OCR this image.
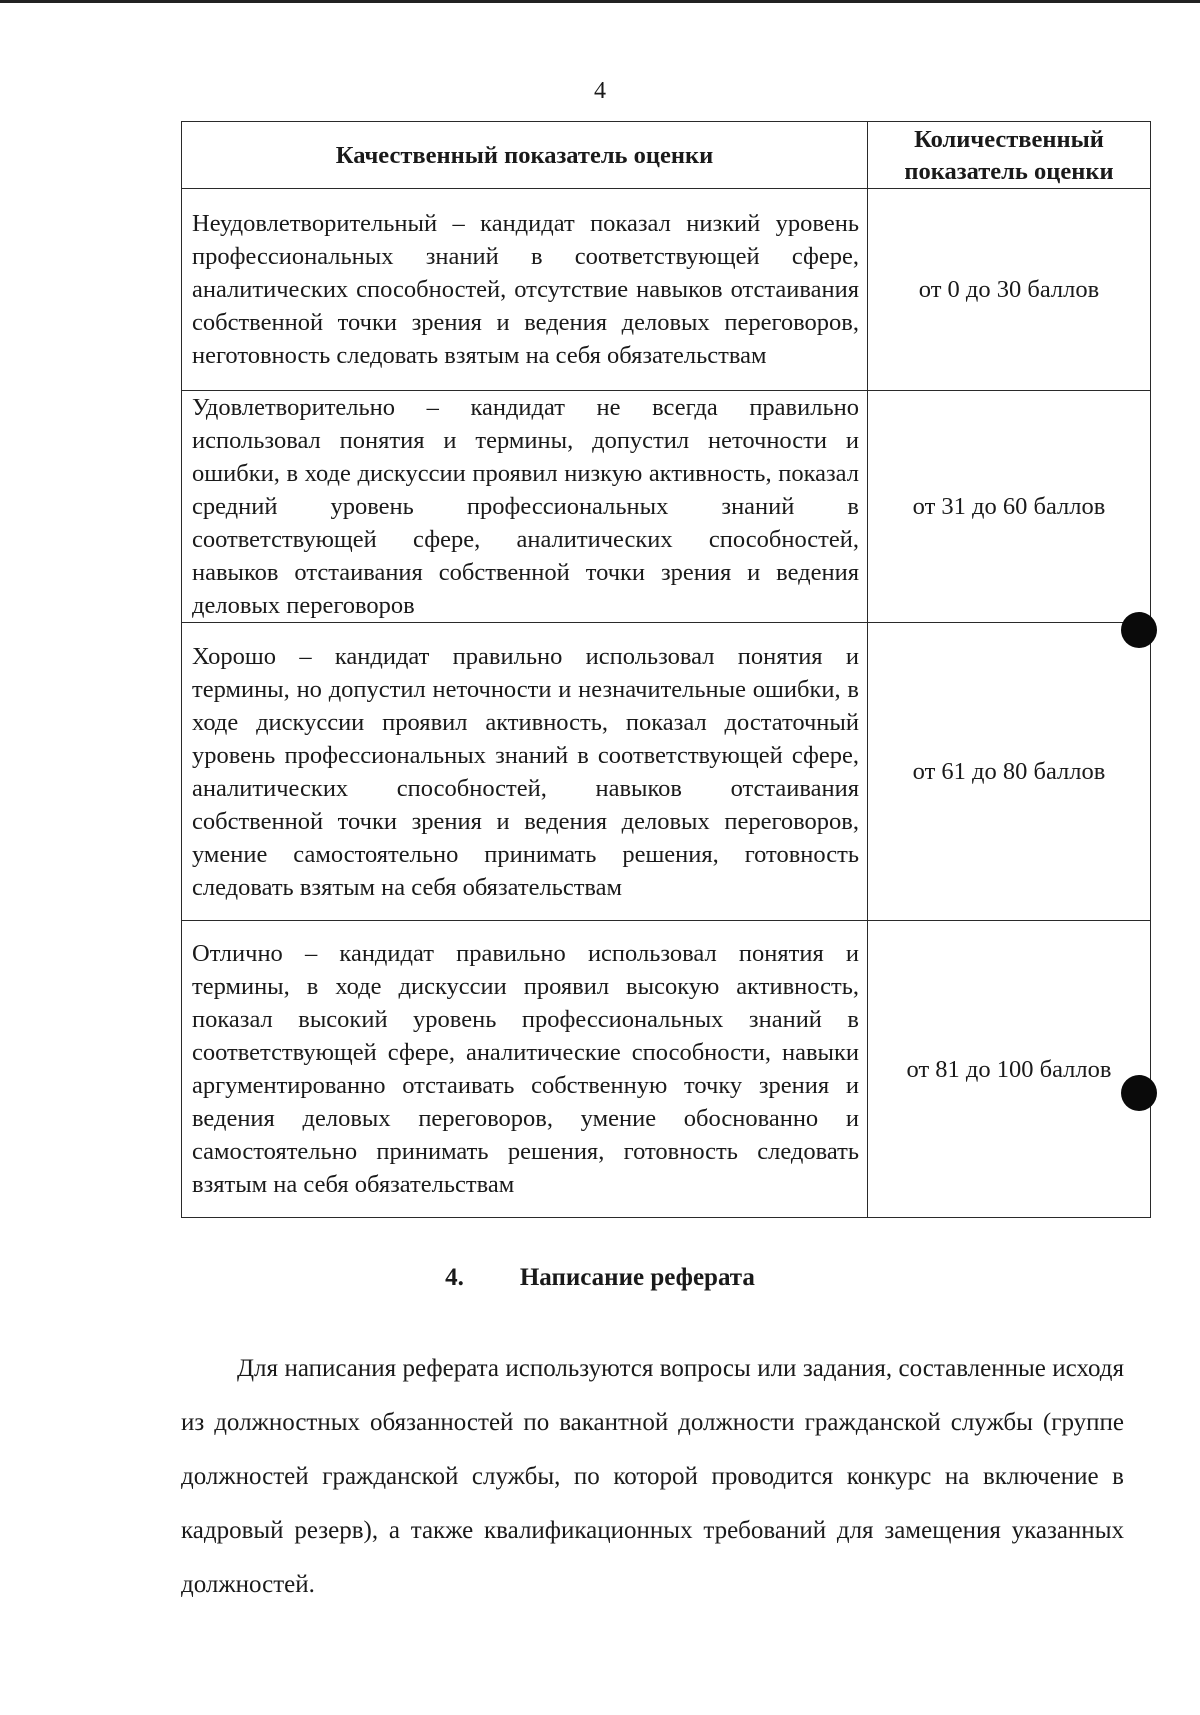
4
Качественный показатель оценки	Количественный показатель оценки
Неудовлетворительный – кандидат показал низкий уровень профессиональных знаний в соответствующей сфере, аналитических способностей, отсутствие навыков отстаивания собственной точки зрения и ведения деловых переговоров, неготовность следовать взятым на себя обязательствам	от 0 до 30 баллов
Удовлетворительно – кандидат не всегда правильно использовал понятия и термины, допустил неточности и ошибки, в ходе дискуссии проявил низкую активность, показал средний уровень профессиональных знаний в соответствующей сфере, аналитических способностей, навыков отстаивания собственной точки зрения и ведения деловых переговоров	от 31 до 60 баллов
Хорошо – кандидат правильно использовал понятия и термины, но допустил неточности и незначительные ошибки, в ходе дискуссии проявил активность, показал достаточный уровень профессиональных знаний в соответствующей сфере, аналитических способностей, навыков отстаивания собственной точки зрения и ведения деловых переговоров, умение самостоятельно принимать решения, готовность следовать взятым на себя обязательствам	от 61 до 80 баллов
Отлично – кандидат правильно использовал понятия и термины, в ходе дискуссии проявил высокую активность, показал высокий уровень профессиональных знаний в соответствующей сфере, аналитические способности, навыки аргументированно отстаивать собственную точку зрения и ведения деловых переговоров, умение обоснованно и самостоятельно принимать решения, готовность следовать взятым на себя обязательствам	от 81 до 100 баллов
4. Написание реферата

Для написания реферата используются вопросы или задания, составленные исходя из должностных обязанностей по вакантной должности гражданской службы (группе должностей гражданской службы, по которой проводится конкурс на включение в кадровый резерв), а также квалификационных требований для замещения указанных должностей.
